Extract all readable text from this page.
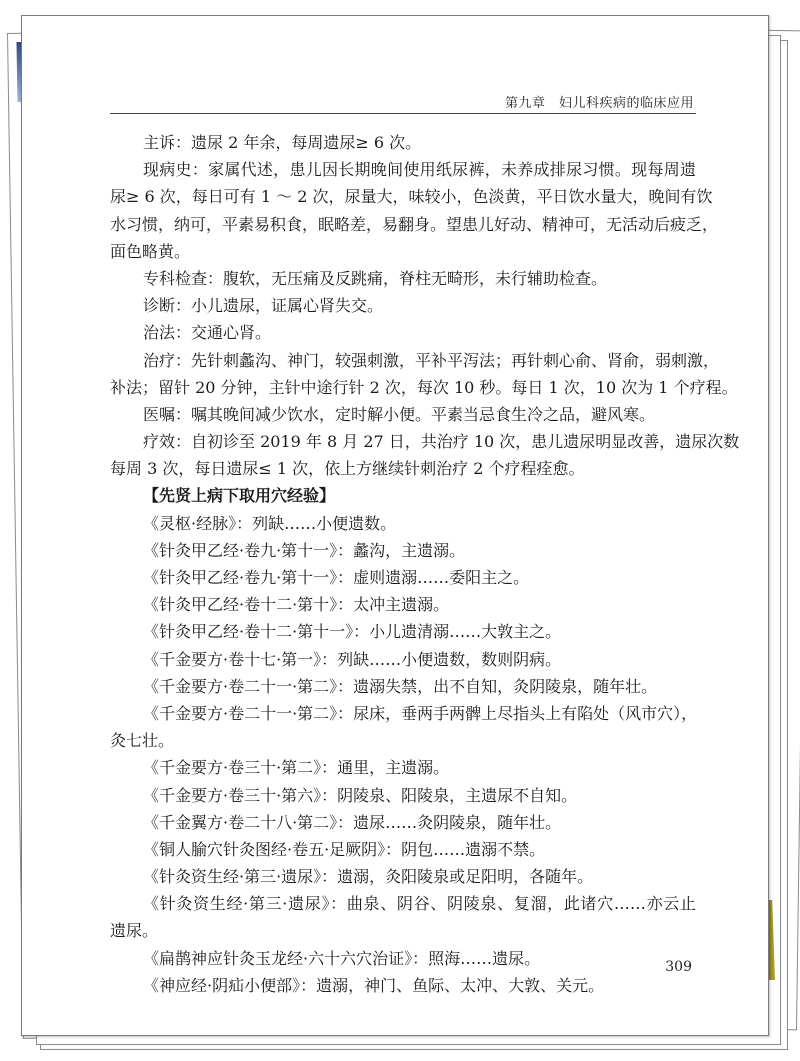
第九章　妇儿科疾病的临床应用
主诉：遗尿 2 年余，每周遗尿≥ 6 次。
现病史：家属代述，患儿因长期晚间使用纸尿裤，未养成排尿习惯。现每周遗
尿≥ 6 次，每日可有 1 ～ 2 次，尿量大，味较小，色淡黄，平日饮水量大，晚间有饮
水习惯，纳可，平素易积食，眠略差，易翻身。望患儿好动、精神可，无活动后疲乏，
面色略黄。
专科检查：腹软，无压痛及反跳痛，脊柱无畸形，未行辅助检查。
诊断：小儿遗尿，证属心肾失交。
治法：交通心肾。
治疗：先针刺蠡沟、神门，较强刺激，平补平泻法；再针刺心俞、肾俞，弱刺激，
补法；留针 20 分钟，主针中途行针 2 次，每次 10 秒。每日 1 次，10 次为 1 个疗程。
医嘱：嘱其晚间减少饮水，定时解小便。平素当忌食生冷之品，避风寒。
疗效：自初诊至 2019 年 8 月 27 日，共治疗 10 次，患儿遗尿明显改善，遗尿次数
每周 3 次，每日遗尿≤ 1 次，依上方继续针刺治疗 2 个疗程痊愈。
【先贤上病下取用穴经验】
《灵枢·经脉》：列缺……小便遗数。
《针灸甲乙经·卷九·第十一》：蠡沟，主遗溺。
《针灸甲乙经·卷九·第十一》：虚则遗溺……委阳主之。
《针灸甲乙经·卷十二·第十》：太冲主遗溺。
《针灸甲乙经·卷十二·第十一》：小儿遗清溺……大敦主之。
《千金要方·卷十七·第一》：列缺……小便遗数，数则阴病。
《千金要方·卷二十一·第二》：遗溺失禁，出不自知，灸阴陵泉，随年壮。
《千金要方·卷二十一·第二》：尿床，垂两手两髀上尽指头上有陷处（风市穴），
灸七壮。
《千金要方·卷三十·第二》：通里，主遗溺。
《千金要方·卷三十·第六》：阴陵泉、阳陵泉，主遗尿不自知。
《千金翼方·卷二十八·第二》：遗尿……灸阴陵泉，随年壮。
《铜人腧穴针灸图经·卷五·足厥阴》：阴包……遗溺不禁。
《针灸资生经·第三·遗尿》：遗溺，灸阳陵泉或足阳明，各随年。
《针灸资生经·第三·遗尿》：曲泉、阴谷、阴陵泉、复溜，此诸穴……亦云止
遗尿。
《扁鹊神应针灸玉龙经·六十六穴治证》：照海……遗尿。
《神应经·阴疝小便部》：遗溺，神门、鱼际、太冲、大敦、关元。
309
